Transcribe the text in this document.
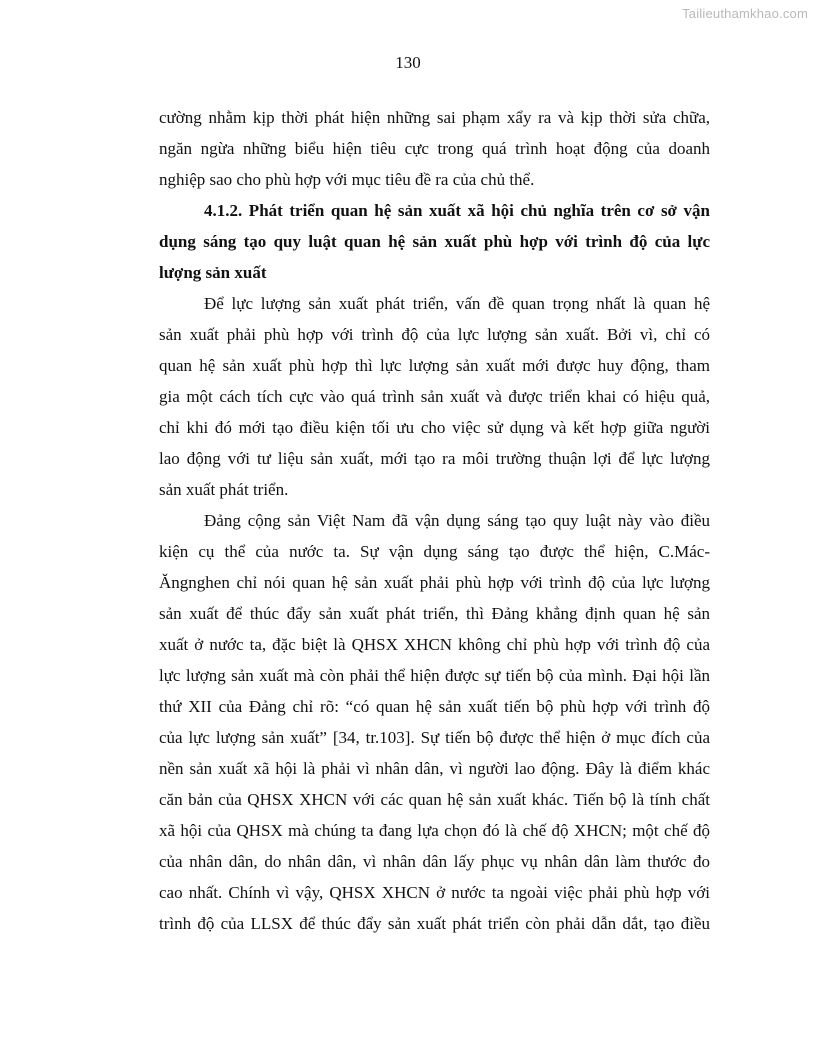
Tailieuthamkhao.com
130
cường nhằm kịp thời phát hiện những sai phạm xẩy ra và kịp thời sửa chữa,
ngăn ngừa những biểu hiện tiêu cực trong quá trình hoạt động của doanh
nghiệp sao cho phù hợp với mục tiêu đề ra của chủ thể.
4.1.2. Phát triển quan hệ sản xuất xã hội chủ nghĩa trên cơ sở vận
dụng sáng tạo quy luật quan hệ sản xuất phù hợp với trình độ của lực
lượng sản xuất
Để lực lượng sản xuất phát triển, vấn đề quan trọng nhất là quan hệ
sản xuất phải phù hợp với trình độ của lực lượng sản xuất. Bởi vì, chỉ có
quan hệ sản xuất phù hợp thì lực lượng sản xuất mới được huy động, tham
gia một cách tích cực vào quá trình sản xuất và được triển khai có hiệu quả,
chỉ khi đó mới tạo điều kiện tối ưu cho việc sử dụng và kết hợp giữa người
lao động với tư liệu sản xuất, mới tạo ra môi trường thuận lợi để lực lượng
sản xuất phát triển.
Đảng cộng sản Việt Nam đã vận dụng sáng tạo quy luật này vào điều
kiện cụ thể của nước ta. Sự vận dụng sáng tạo được thể hiện, C.Mác-
Ăngnghen chỉ nói quan hệ sản xuất phải phù hợp với trình độ của lực lượng
sản xuất để thúc đẩy sản xuất phát triển, thì Đảng khẳng định quan hệ sản
xuất ở nước ta, đặc biệt là QHSX XHCN không chỉ phù hợp với trình độ của
lực lượng sản xuất mà còn phải thể hiện được sự tiến bộ của mình. Đại hội lần
thứ XII của Đảng chỉ rõ: “có quan hệ sản xuất tiến bộ phù hợp với trình độ
của lực lượng sản xuất” [34, tr.103]. Sự tiến bộ được thể hiện ở mục đích của
nền sản xuất xã hội là phải vì nhân dân, vì người lao động. Đây là điểm khác
căn bản của QHSX XHCN với các quan hệ sản xuất khác. Tiến bộ là tính chất
xã hội của QHSX mà chúng ta đang lựa chọn đó là chế độ XHCN; một chế độ
của nhân dân, do nhân dân, vì nhân dân lấy phục vụ nhân dân làm thước đo
cao nhất. Chính vì vậy, QHSX XHCN ở nước ta ngoài việc phải phù hợp với
trình độ của LLSX để thúc đẩy sản xuất phát triển còn phải dẫn dắt, tạo điều
